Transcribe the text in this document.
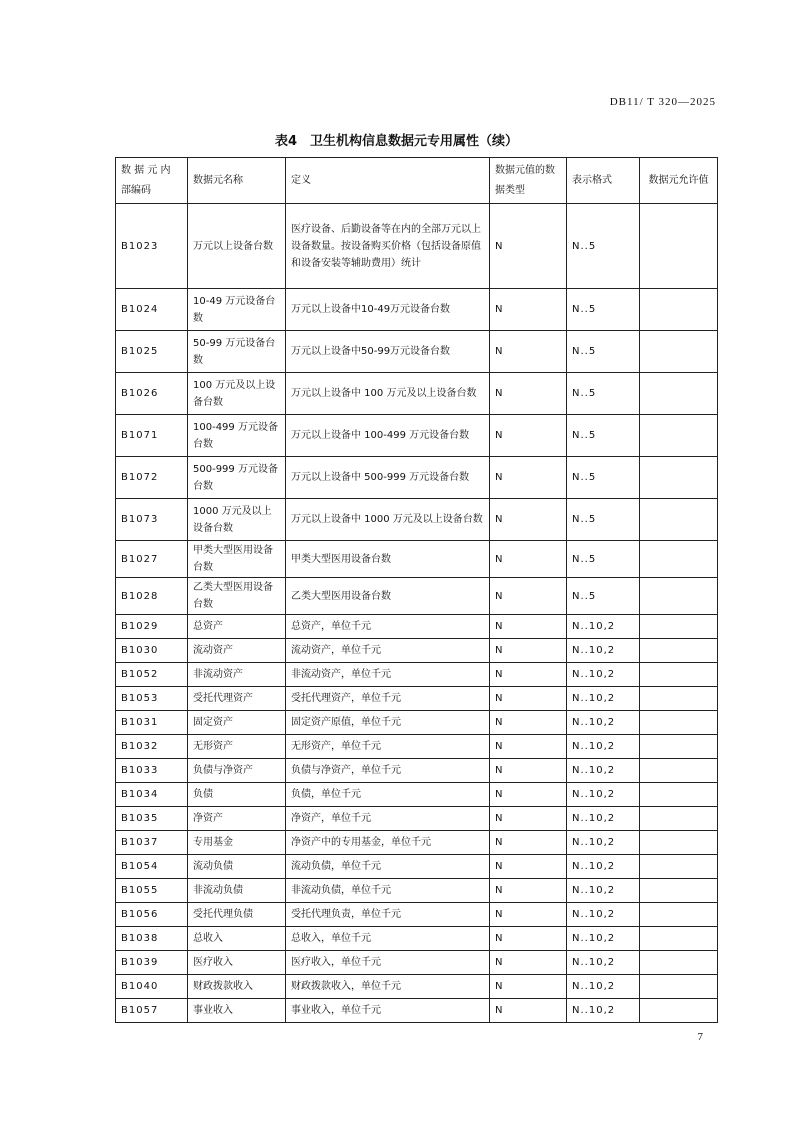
DB11/ T 320—2025
表4　卫生机构信息数据元专用属性（续）
数 据 元 内 部编码	数据元名称	定义	数据元值的数据类型	表示格式	数据元允许值
B1023	万元以上设备台数	医疗设备、后勤设备等在内的全部万元以上设备数量。按设备购买价格（包括设备原值和设备安装等辅助费用）统计	N	N..5	
B1024	10-49 万元设备台数	万元以上设备中10-49万元设备台数	N	N..5	
B1025	50-99 万元设备台数	万元以上设备中50-99万元设备台数	N	N..5	
B1026	100 万元及以上设备台数	万元以上设备中 100 万元及以上设备台数	N	N..5	
B1071	100-499 万元设备台数	万元以上设备中 100-499 万元设备台数	N	N..5	
B1072	500-999 万元设备台数	万元以上设备中 500-999 万元设备台数	N	N..5	
B1073	1000 万元及以上设备台数	万元以上设备中 1000 万元及以上设备台数	N	N..5	
B1027	甲类大型医用设备台数	甲类大型医用设备台数	N	N..5	
B1028	乙类大型医用设备台数	乙类大型医用设备台数	N	N..5	
B1029	总资产	总资产，单位千元	N	N..10,2	
B1030	流动资产	流动资产，单位千元	N	N..10,2	
B1052	非流动资产	非流动资产，单位千元	N	N..10,2	
B1053	受托代理资产	受托代理资产，单位千元	N	N..10,2	
B1031	固定资产	固定资产原值，单位千元	N	N..10,2	
B1032	无形资产	无形资产，单位千元	N	N..10,2	
B1033	负债与净资产	负债与净资产，单位千元	N	N..10,2	
B1034	负债	负债，单位千元	N	N..10,2	
B1035	净资产	净资产，单位千元	N	N..10,2	
B1037	专用基金	净资产中的专用基金，单位千元	N	N..10,2	
B1054	流动负债	流动负债，单位千元	N	N..10,2	
B1055	非流动负债	非流动负债，单位千元	N	N..10,2	
B1056	受托代理负债	受托代理负责，单位千元	N	N..10,2	
B1038	总收入	总收入，单位千元	N	N..10,2	
B1039	医疗收入	医疗收入，单位千元	N	N..10,2	
B1040	财政拨款收入	财政拨款收入，单位千元	N	N..10,2	
B1057	事业收入	事业收入，单位千元	N	N..10,2	
7
